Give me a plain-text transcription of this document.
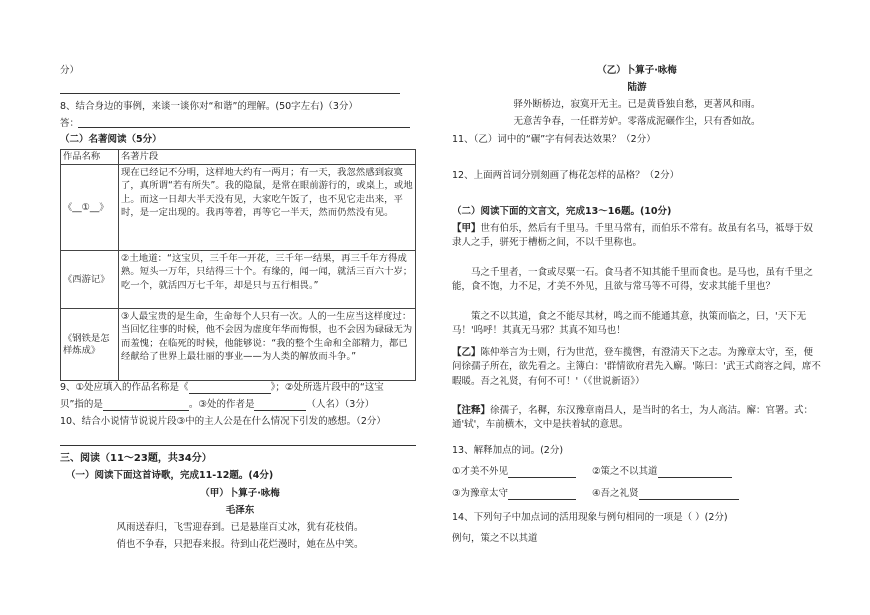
分）
8、结合身边的事例，来谈一谈你对“和谐”的理解。(50字左右)（3分）
答：
（二）名著阅读（5分）
作品名称	名著片段
《__①__》	现在已经记不分明，这样地大约有一两月；有一天，我忽然感到寂寞了，真所谓“若有所失”。我的隐鼠，是常在眼前游行的，或桌上，或地上。而这一日却大半天没有见，大家吃午饭了，也不见它走出来，平时，是一定出现的。我再等着，再等它一半天，然而仍然没有见。
《西游记》	②土地道：“这宝贝，三千年一开花，三千年一结果，再三千年方得成熟。短头一万年，只结得三十个。有缘的，闻一闻，就活三百六十岁；吃一个，就活四万七千年，却是只与五行相畏。”
《钢铁是怎样炼成》	③人最宝贵的是生命，生命每个人只有一次。人的一生应当这样度过：当回忆往事的时候，他不会因为虚度年华而悔恨，也不会因为碌碌无为而羞愧；在临死的时候，他能够说：“我的整个生命和全部精力，都已经献给了世界上最壮丽的事业——为人类的解放而斗争。”
9、①处应填入的作品名称是《	》；②处所选片段中的“这宝
贝”指的是	。③处的作者是	（人名）（3分）
10、结合小说情节说说片段③中的主人公是在什么情况下引发的感想。（2分）
三、阅读（11～23题，共34分）
（一）阅读下面这首诗歌，完成11-12题。(4分)
（甲）卜算子·咏梅
毛泽东
风雨送春归，飞雪迎春到。已是悬崖百丈冰，犹有花枝俏。
俏也不争春，只把春来报。待到山花烂漫时，她在丛中笑。
（乙）卜算子·咏梅
陆游
驿外断桥边，寂寞开无主。已是黄昏独自愁，更著风和雨。
无意苦争春，一任群芳妒。零落成泥碾作尘，只有香如故。
11、（乙）词中的“碾”字有何表达效果？（2分）
12、上面两首词分别刻画了梅花怎样的品格？（2分）
（二）阅读下面的文言文，完成13～16题。(10分)
【甲】世有伯乐，然后有千里马。千里马常有，而伯乐不常有。故虽有名马，祗辱于奴隶人之手，骈死于槽枥之间，不以千里称也。
马之千里者，一食或尽粟一石。食马者不知其能千里而食也。是马也，虽有千里之能，食不饱，力不足，才美不外见，且欲与常马等不可得，安求其能千里也？
策之不以其道，食之不能尽其材，鸣之而不能通其意，执策而临之，曰，'天下无马！'呜呼！其真无马邪？其真不知马也！
【乙】陈仲举言为士则，行为世范，登车揽辔，有澄清天下之志。为豫章太守，至，便问徐孺子所在，欲先看之。主簿白：'群情欲府君先入廨。'陈曰：'武王式商容之闾，席不暇暖。吾之礼贤，有何不可！'（《世说新语》）
【注释】徐孺子，名穉，东汉豫章南昌人，是当时的名士，为人高洁。廨：官署。式：通'轼'，车前横木，文中是扶着轼的意思。
13、解释加点的词。(2分)
①才美不外见	②策之不以其道
③为豫章太守	④吾之礼贤
14、下列句子中加点词的活用现象与例句相同的一项是（ ）(2分)
例句，策之不以其道
